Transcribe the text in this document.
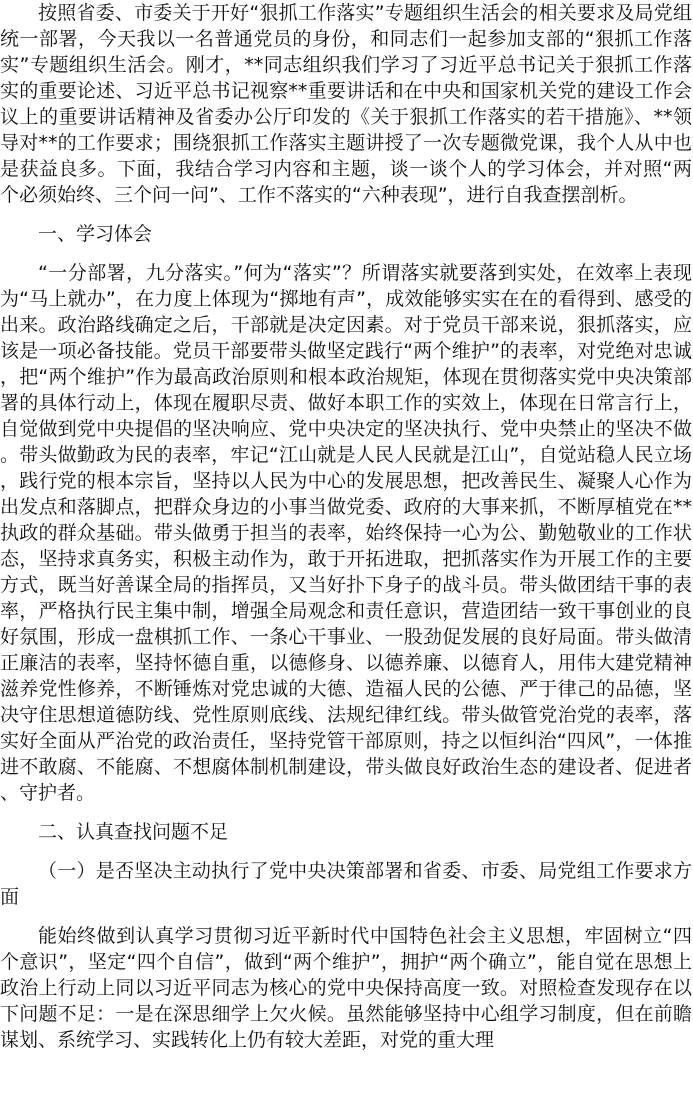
按照省委、市委关于开好“狠抓工作落实”专题组织生活会的相关要求及局党组统一部署，今天我以一名普通党员的身份，和同志们一起参加支部的“狠抓工作落实”专题组织生活会。刚才，**同志组织我们学习了习近平总书记关于狠抓工作落实的重要论述、习近平总书记视察**重要讲话和在中央和国家机关党的建设工作会议上的重要讲话精神及省委办公厅印发的《关于狠抓工作落实的若干措施》、**领导对**的工作要求；围绕狠抓工作落实主题讲授了一次专题微党课，我个人从中也是获益良多。下面，我结合学习内容和主题，谈一谈个人的学习体会，并对照“两个必须始终、三个问一问”、工作不落实的“六种表现”，进行自我查摆剖析。

一、学习体会

“一分部署，九分落实。”何为“落实”？所谓落实就要落到实处，在效率上表现为“马上就办”，在力度上体现为“掷地有声”，成效能够实实在在的看得到、感受的出来。政治路线确定之后，干部就是决定因素。对于党员干部来说，狠抓落实，应该是一项必备技能。党员干部要带头做坚定践行“两个维护”的表率，对党绝对忠诚，把“两个维护”作为最高政治原则和根本政治规矩，体现在贯彻落实党中央决策部署的具体行动上，体现在履职尽责、做好本职工作的实效上，体现在日常言行上，自觉做到党中央提倡的坚决响应、党中央决定的坚决执行、党中央禁止的坚决不做。带头做勤政为民的表率，牢记“江山就是人民人民就是江山”，自觉站稳人民立场，践行党的根本宗旨，坚持以人民为中心的发展思想，把改善民生、凝聚人心作为出发点和落脚点，把群众身边的小事当做党委、政府的大事来抓，不断厚植党在**执政的群众基础。带头做勇于担当的表率，始终保持一心为公、勤勉敬业的工作状态，坚持求真务实，积极主动作为，敢于开拓进取，把抓落实作为开展工作的主要方式，既当好善谋全局的指挥员，又当好扑下身子的战斗员。带头做团结干事的表率，严格执行民主集中制，增强全局观念和责任意识，营造团结一致干事创业的良好氛围，形成一盘棋抓工作、一条心干事业、一股劲促发展的良好局面。带头做清正廉洁的表率，坚持怀德自重，以德修身、以德养廉、以德育人，用伟大建党精神滋养党性修养，不断锤炼对党忠诚的大德、造福人民的公德、严于律己的品德，坚决守住思想道德防线、党性原则底线、法规纪律红线。带头做管党治党的表率，落实好全面从严治党的政治责任，坚持党管干部原则，持之以恒纠治“四风”，一体推进不敢腐、不能腐、不想腐体制机制建设，带头做良好政治生态的建设者、促进者、守护者。

二、认真查找问题不足

（一）是否坚决主动执行了党中央决策部署和省委、市委、局党组工作要求方面

能始终做到认真学习贯彻习近平新时代中国特色社会主义思想，牢固树立“四个意识”，坚定“四个自信”，做到“两个维护”，拥护“两个确立”，能自觉在思想上政治上行动上同以习近平同志为核心的党中央保持高度一致。对照检查发现存在以下问题不足：一是在深思细学上欠火候。虽然能够坚持中心组学习制度，但在前瞻谋划、系统学习、实践转化上仍有较大差距，对党的重大理
